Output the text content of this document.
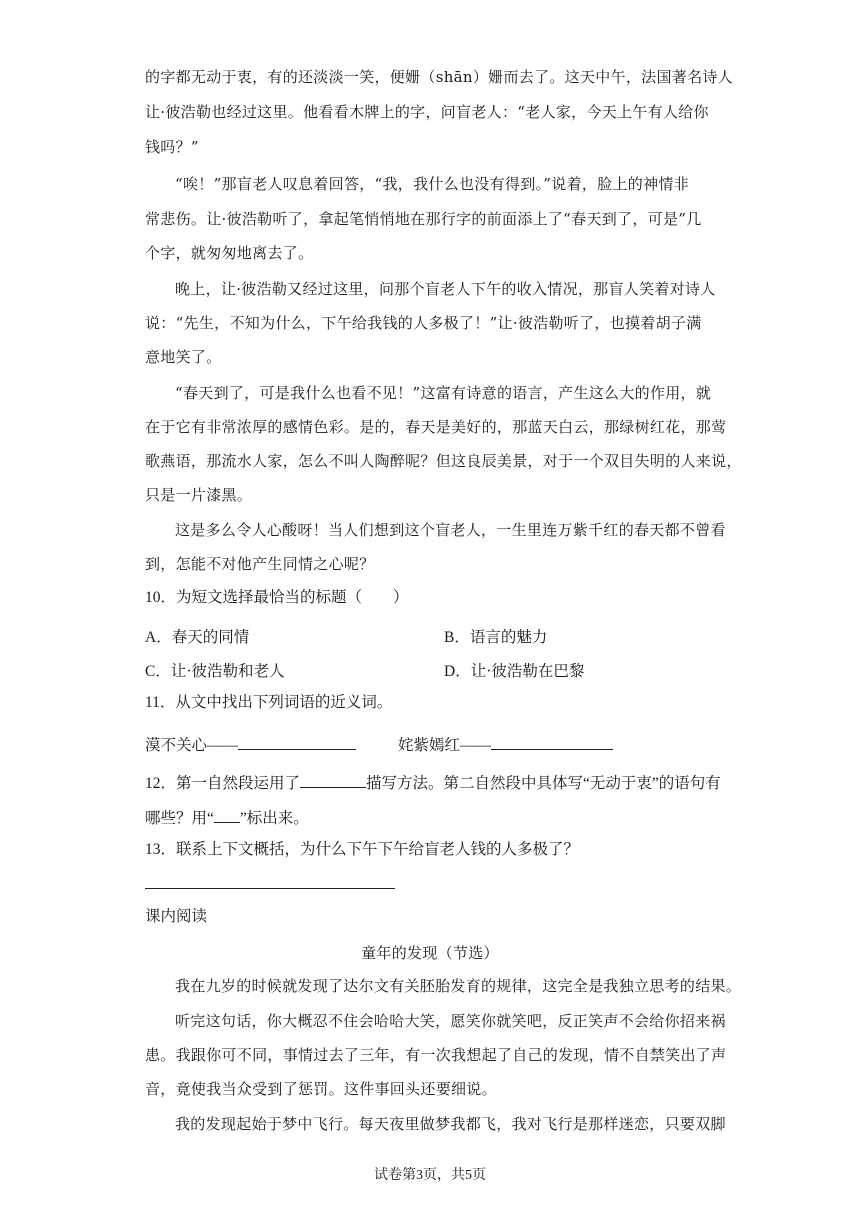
的字都无动于衷，有的还淡淡一笑，便姗（shān）姗而去了。这天中午，法国著名诗人
让·彼浩勒也经过这里。他看看木牌上的字，问盲老人：“老人家，今天上午有人给你
钱吗？”
“唉！”那盲老人叹息着回答，“我，我什么也没有得到。”说着，脸上的神情非
常悲伤。让·彼浩勒听了，拿起笔悄悄地在那行字的前面添上了“春天到了，可是”几
个字，就匆匆地离去了。
晚上，让·彼浩勒又经过这里，问那个盲老人下午的收入情况，那盲人笑着对诗人
说：“先生，不知为什么，下午给我钱的人多极了！”让·彼浩勒听了，也摸着胡子满
意地笑了。
“春天到了，可是我什么也看不见！”这富有诗意的语言，产生这么大的作用，就
在于它有非常浓厚的感情色彩。是的，春天是美好的，那蓝天白云，那绿树红花，那莺
歌燕语，那流水人家，怎么不叫人陶醉呢？但这良辰美景，对于一个双目失明的人来说，
只是一片漆黑。
这是多么令人心酸呀！当人们想到这个盲老人，一生里连万紫千红的春天都不曾看
到，怎能不对他产生同情之心呢？
10．为短文选择最恰当的标题（　　）
A．春天的同情	B．语言的魅力
C．让·彼浩勒和老人	D．让·彼浩勒在巴黎
11．从文中找出下列词语的近义词。
漠不关心——	姹紫嫣红——
12．第一自然段运用了	描写方法。第二自然段中具体写“无动于衷”的语句有
哪些？用“ ”标出来。
13．联系上下文概括，为什么下午下午给盲老人钱的人多极了？
课内阅读
童年的发现（节选）
我在九岁的时候就发现了达尔文有关胚胎发育的规律，这完全是我独立思考的结果。
听完这句话，你大概忍不住会哈哈大笑，愿笑你就笑吧，反正笑声不会给你招来祸
患。我跟你可不同，事情过去了三年，有一次我想起了自己的发现，情不自禁笑出了声
音，竟使我当众受到了惩罚。这件事回头还要细说。
我的发现起始于梦中飞行。每天夜里做梦我都飞，我对飞行是那样迷恋，只要双脚
试卷第3页，共5页
